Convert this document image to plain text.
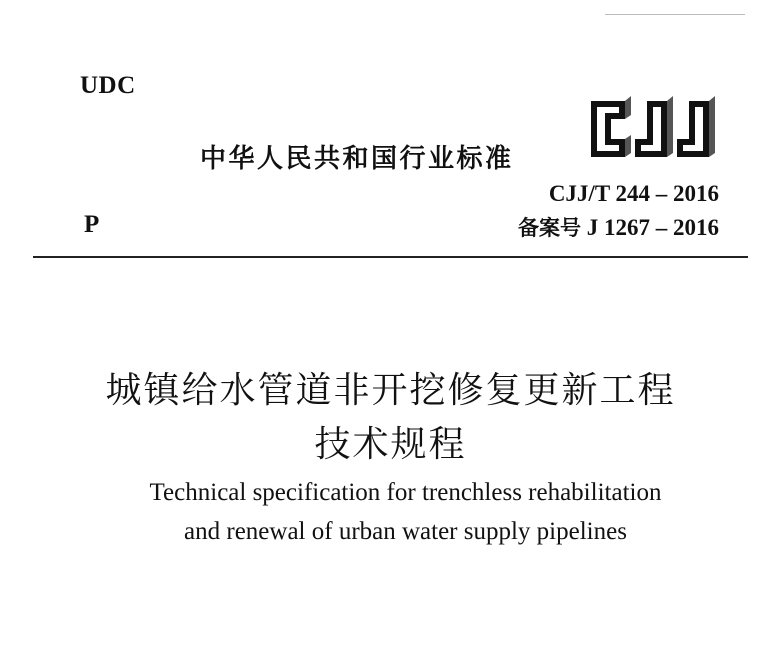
UDC
中华人民共和国行业标准
CJJ/T 244 – 2016
P	备案号 J 1267 – 2016
城镇给水管道非开挖修复更新工程
技术规程
Technical specification for trenchless rehabilitation
and renewal of urban water supply pipelines
